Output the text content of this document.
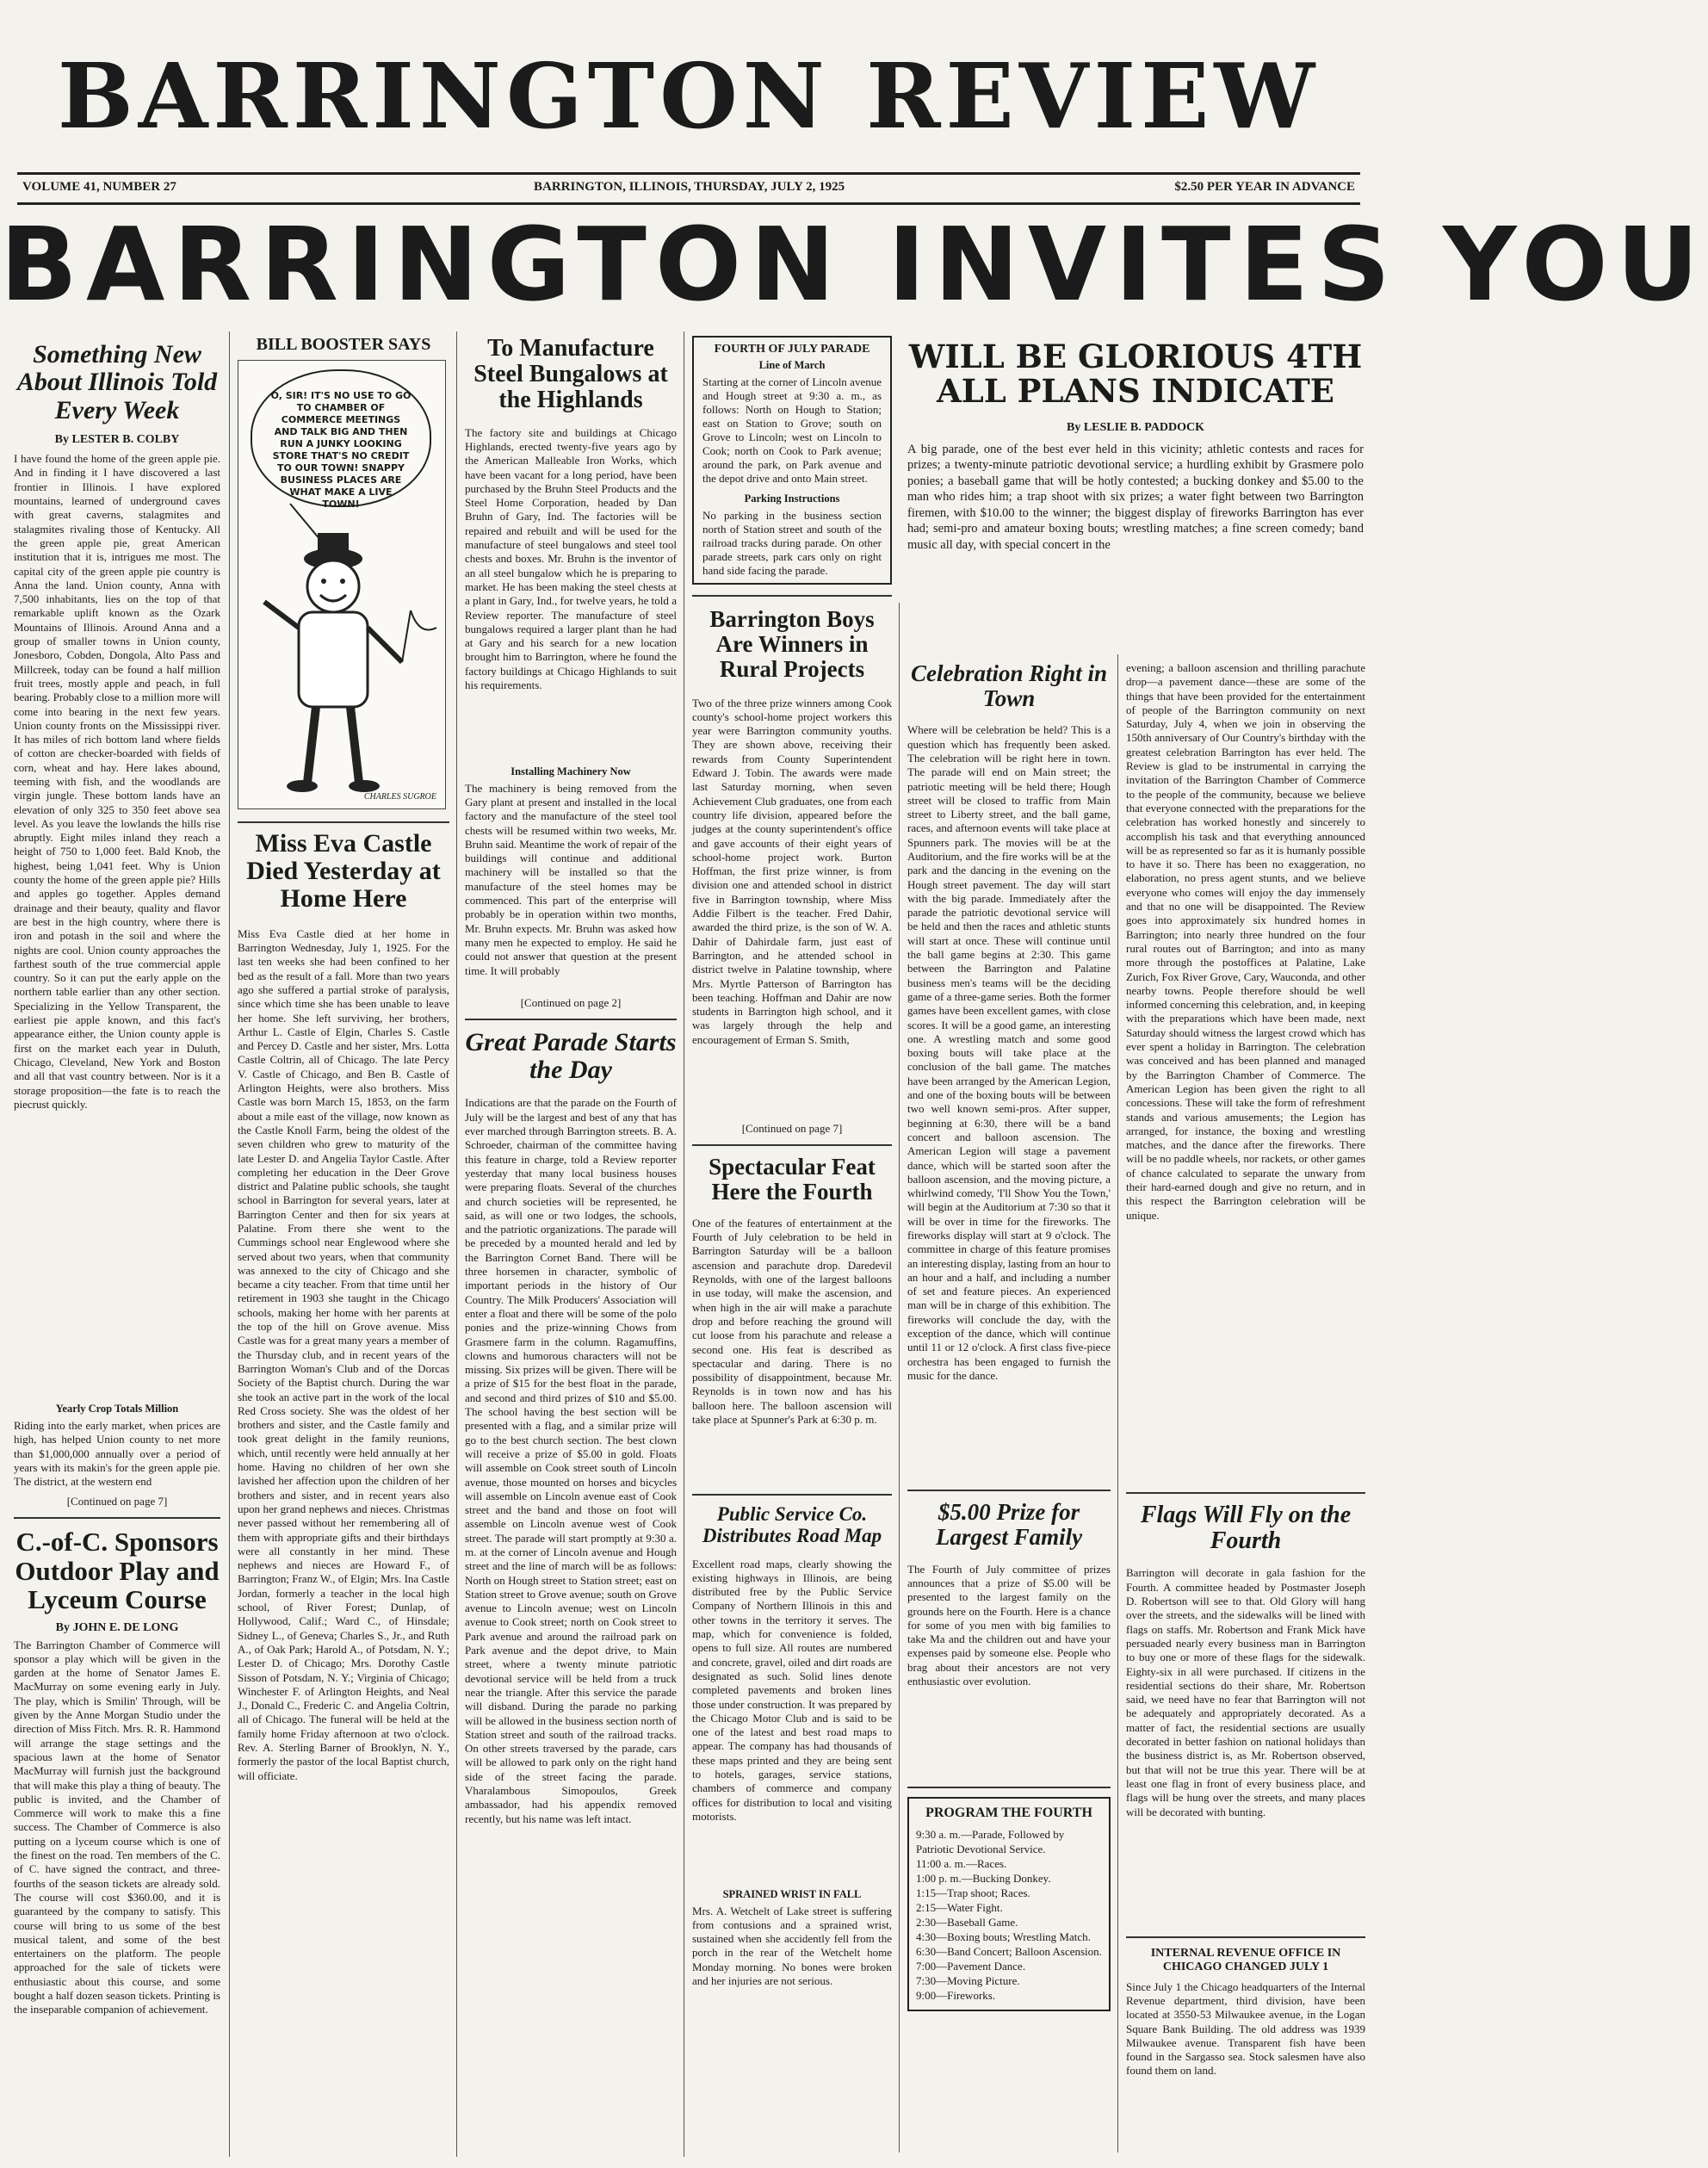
BARRINGTON REVIEW
VOLUME 41, NUMBER 27	BARRINGTON, ILLINOIS, THURSDAY, JULY 2, 1925	$2.50 PER YEAR IN ADVANCE
BARRINGTON INVITES YOU
Something New About Illinois Told Every Week
By LESTER B. COLBY
I have found the home of the green apple pie. And in finding it I have discovered a last frontier in Illinois. I have explored mountains, learned of underground caves with great caverns, stalagmites and stalagmites rivaling those of Kentucky. All the green apple pie, great American institution that it is, intrigues me most. The capital city of the green apple pie country is Anna the land. Union county, Anna with 7,500 inhabitants, lies on the top of that remarkable uplift known as the Ozark Mountains of Illinois. Around Anna and a group of smaller towns in Union county, Jonesboro, Cobden, Dongola, Alto Pass and Millcreek, today can be found a half million fruit trees, mostly apple and peach, in full bearing. Probably close to a million more will come into bearing in the next few years. Union county fronts on the Mississippi river. It has miles of rich bottom land where fields of cotton are checker-boarded with fields of corn, wheat and hay. Here lakes abound, teeming with fish, and the woodlands are virgin jungle. These bottom lands have an elevation of only 325 to 350 feet above sea level. As you leave the lowlands the hills rise abruptly. Eight miles inland they reach a height of 750 to 1,000 feet. Bald Knob, the highest, being 1,041 feet. Why is Union county the home of the green apple pie? Hills and apples go together. Apples demand drainage and their beauty, quality and flavor are best in the high country, where there is iron and potash in the soil and where the nights are cool. Union county approaches the farthest south of the true commercial apple country. So it can put the early apple on the northern table earlier than any other section. Specializing in the Yellow Transparent, the earliest pie apple known, and this fact's appearance either, the Union county apple is first on the market each year in Duluth, Chicago, Cleveland, New York and Boston and all that vast country between. Nor is it a storage proposition—the fate is to reach the piecrust quickly.
Yearly Crop Totals Million
Riding into the early market, when prices are high, has helped Union county to net more than $1,000,000 annually over a period of years with its makin's for the green apple pie. The district, at the western end
[Continued on page 7]
C.-of-C. Sponsors Outdoor Play and Lyceum Course
By JOHN E. DE LONG
The Barrington Chamber of Commerce will sponsor a play which will be given in the garden at the home of Senator James E. MacMurray on some evening early in July. The play, which is Smilin' Through, will be given by the Anne Morgan Studio under the direction of Miss Fitch. Mrs. R. R. Hammond will arrange the stage settings and the spacious lawn at the home of Senator MacMurray will furnish just the background that will make this play a thing of beauty. The public is invited, and the Chamber of Commerce will work to make this a fine success. The Chamber of Commerce is also putting on a lyceum course which is one of the finest on the road. Ten members of the C. of C. have signed the contract, and three-fourths of the season tickets are already sold. The course will cost $360.00, and it is guaranteed by the company to satisfy. This course will bring to us some of the best musical talent, and some of the best entertainers on the platform. The people approached for the sale of tickets were enthusiastic about this course, and some bought a half dozen season tickets. Printing is the inseparable companion of achievement.
BILL BOOSTER SAYS
O, SIR! IT'S NO USE TO GO TO CHAMBER OF COMMERCE MEETINGS AND TALK BIG AND THEN RUN A JUNKY LOOKING STORE THAT'S NO CREDIT TO OUR TOWN! SNAPPY BUSINESS PLACES ARE WHAT MAKE A LIVE TOWN!
CHARLES SUGROE
Miss Eva Castle Died Yesterday at Home Here
Miss Eva Castle died at her home in Barrington Wednesday, July 1, 1925. For the last ten weeks she had been confined to her bed as the result of a fall. More than two years ago she suffered a partial stroke of paralysis, since which time she has been unable to leave her home. She left surviving, her brothers, Arthur L. Castle of Elgin, Charles S. Castle and Percey D. Castle and her sister, Mrs. Lotta Castle Coltrin, all of Chicago. The late Percy V. Castle of Chicago, and Ben B. Castle of Arlington Heights, were also brothers. Miss Castle was born March 15, 1853, on the farm about a mile east of the village, now known as the Castle Knoll Farm, being the oldest of the seven children who grew to maturity of the late Lester D. and Angelia Taylor Castle. After completing her education in the Deer Grove district and Palatine public schools, she taught school in Barrington for several years, later at Barrington Center and then for six years at Palatine. From there she went to the Cummings school near Englewood where she served about two years, when that community was annexed to the city of Chicago and she became a city teacher. From that time until her retirement in 1903 she taught in the Chicago schools, making her home with her parents at the top of the hill on Grove avenue. Miss Castle was for a great many years a member of the Thursday club, and in recent years of the Barrington Woman's Club and of the Dorcas Society of the Baptist church. During the war she took an active part in the work of the local Red Cross society. She was the oldest of her brothers and sister, and the Castle family and took great delight in the family reunions, which, until recently were held annually at her home. Having no children of her own she lavished her affection upon the children of her brothers and sister, and in recent years also upon her grand nephews and nieces. Christmas never passed without her remembering all of them with appropriate gifts and their birthdays were all constantly in her mind. These nephews and nieces are Howard F., of Barrington; Franz W., of Elgin; Mrs. Ina Castle Jordan, formerly a teacher in the local high school, of River Forest; Dunlap, of Hollywood, Calif.; Ward C., of Hinsdale; Sidney L., of Geneva; Charles S., Jr., and Ruth A., of Oak Park; Harold A., of Potsdam, N. Y.; Lester D. of Chicago; Mrs. Dorothy Castle Sisson of Potsdam, N. Y.; Virginia of Chicago; Winchester F. of Arlington Heights, and Neal J., Donald C., Frederic C. and Angelia Coltrin, all of Chicago. The funeral will be held at the family home Friday afternoon at two o'clock. Rev. A. Sterling Barner of Brooklyn, N. Y., formerly the pastor of the local Baptist church, will officiate.
To Manufacture Steel Bungalows at the Highlands
The factory site and buildings at Chicago Highlands, erected twenty-five years ago by the American Malleable Iron Works, which have been vacant for a long period, have been purchased by the Bruhn Steel Products and the Steel Home Corporation, headed by Dan Bruhn of Gary, Ind. The factories will be repaired and rebuilt and will be used for the manufacture of steel bungalows and steel tool chests and boxes. Mr. Bruhn is the inventor of an all steel bungalow which he is preparing to market. He has been making the steel chests at a plant in Gary, Ind., for twelve years, he told a Review reporter. The manufacture of steel bungalows required a larger plant than he had at Gary and his search for a new location brought him to Barrington, where he found the factory buildings at Chicago Highlands to suit his requirements.
Installing Machinery Now
The machinery is being removed from the Gary plant at present and installed in the local factory and the manufacture of the steel tool chests will be resumed within two weeks, Mr. Bruhn said. Meantime the work of repair of the buildings will continue and additional machinery will be installed so that the manufacture of the steel homes may be commenced. This part of the enterprise will probably be in operation within two months, Mr. Bruhn expects. Mr. Bruhn was asked how many men he expected to employ. He said he could not answer that question at the present time. It will probably
[Continued on page 2]
Great Parade Starts the Day
Indications are that the parade on the Fourth of July will be the largest and best of any that has ever marched through Barrington streets. B. A. Schroeder, chairman of the committee having this feature in charge, told a Review reporter yesterday that many local business houses were preparing floats. Several of the churches and church societies will be represented, he said, as will one or two lodges, the schools, and the patriotic organizations. The parade will be preceded by a mounted herald and led by the Barrington Cornet Band. There will be three horsemen in character, symbolic of important periods in the history of Our Country. The Milk Producers' Association will enter a float and there will be some of the polo ponies and the prize-winning Chows from Grasmere farm in the column. Ragamuffins, clowns and humorous characters will not be missing. Six prizes will be given. There will be a prize of $15 for the best float in the parade, and second and third prizes of $10 and $5.00. The school having the best section will be presented with a flag, and a similar prize will go to the best church section. The best clown will receive a prize of $5.00 in gold. Floats will assemble on Cook street south of Lincoln avenue, those mounted on horses and bicycles will assemble on Lincoln avenue east of Cook street and the band and those on foot will assemble on Lincoln avenue west of Cook street. The parade will start promptly at 9:30 a. m. at the corner of Lincoln avenue and Hough street and the line of march will be as follows: North on Hough street to Station street; east on Station street to Grove avenue; south on Grove avenue to Lincoln avenue; west on Lincoln avenue to Cook street; north on Cook street to Park avenue and around the railroad park on Park avenue and the depot drive, to Main street, where a twenty minute patriotic devotional service will be held from a truck near the triangle. After this service the parade will disband. During the parade no parking will be allowed in the business section north of Station street and south of the railroad tracks. On other streets traversed by the parade, cars will be allowed to park only on the right hand side of the street facing the parade. Vharalambous Simopoulos, Greek ambassador, had his appendix removed recently, but his name was left intact.
FOURTH OF JULY PARADE
Line of March
Starting at the corner of Lincoln avenue and Hough street at 9:30 a. m., as follows: North on Hough to Station; east on Station to Grove; south on Grove to Lincoln; west on Lincoln to Cook; north on Cook to Park avenue; around the park, on Park avenue and the depot drive and onto Main street.
Parking Instructions
No parking in the business section north of Station street and south of the railroad tracks during parade. On other parade streets, park cars only on right hand side facing the parade.
Barrington Boys Are Winners in Rural Projects
Two of the three prize winners among Cook county's school-home project workers this year were Barrington community youths. They are shown above, receiving their rewards from County Superintendent Edward J. Tobin. The awards were made last Saturday morning, when seven Achievement Club graduates, one from each country life division, appeared before the judges at the county superintendent's office and gave accounts of their eight years of school-home project work. Burton Hoffman, the first prize winner, is from division one and attended school in district five in Barrington township, where Miss Addie Filbert is the teacher. Fred Dahir, awarded the third prize, is the son of W. A. Dahir of Dahirdale farm, just east of Barrington, and he attended school in district twelve in Palatine township, where Mrs. Myrtle Patterson of Barrington has been teaching. Hoffman and Dahir are now students in Barrington high school, and it was largely through the help and encouragement of Erman S. Smith,
[Continued on page 7]
Spectacular Feat Here the Fourth
One of the features of entertainment at the Fourth of July celebration to be held in Barrington Saturday will be a balloon ascension and parachute drop. Daredevil Reynolds, with one of the largest balloons in use today, will make the ascension, and when high in the air will make a parachute drop and before reaching the ground will cut loose from his parachute and release a second one. His feat is described as spectacular and daring. There is no possibility of disappointment, because Mr. Reynolds is in town now and has his balloon here. The balloon ascension will take place at Spunner's Park at 6:30 p. m.
Public Service Co. Distributes Road Map
Excellent road maps, clearly showing the existing highways in Illinois, are being distributed free by the Public Service Company of Northern Illinois in this and other towns in the territory it serves. The map, which for convenience is folded, opens to full size. All routes are numbered and concrete, gravel, oiled and dirt roads are designated as such. Solid lines denote completed pavements and broken lines those under construction. It was prepared by the Chicago Motor Club and is said to be one of the latest and best road maps to appear. The company has had thousands of these maps printed and they are being sent to hotels, garages, service stations, chambers of commerce and company offices for distribution to local and visiting motorists.
SPRAINED WRIST IN FALL
Mrs. A. Wetchelt of Lake street is suffering from contusions and a sprained wrist, sustained when she accidently fell from the porch in the rear of the Wetchelt home Monday morning. No bones were broken and her injuries are not serious.
WILL BE GLORIOUS 4TH ALL PLANS INDICATE
By LESLIE B. PADDOCK
A big parade, one of the best ever held in this vicinity; athletic contests and races for prizes; a twenty-minute patriotic devotional service; a hurdling exhibit by Grasmere polo ponies; a baseball game that will be hotly contested; a bucking donkey and $5.00 to the man who rides him; a trap shoot with six prizes; a water fight between two Barrington firemen, with $10.00 to the winner; the biggest display of fireworks Barrington has ever had; semi-pro and amateur boxing bouts; wrestling matches; a fine screen comedy; band music all day, with special concert in the
Celebration Right in Town
Where will be celebration be held? This is a question which has frequently been asked. The celebration will be right here in town. The parade will end on Main street; the patriotic meeting will be held there; Hough street will be closed to traffic from Main street to Liberty street, and the ball game, races, and afternoon events will take place at Spunners park. The movies will be at the Auditorium, and the fire works will be at the park and the dancing in the evening on the Hough street pavement. The day will start with the big parade. Immediately after the parade the patriotic devotional service will be held and then the races and athletic stunts will start at once. These will continue until the ball game begins at 2:30. This game between the Barrington and Palatine business men's teams will be the deciding game of a three-game series. Both the former games have been excellent games, with close scores. It will be a good game, an interesting one. A wrestling match and some good boxing bouts will take place at the conclusion of the ball game. The matches have been arranged by the American Legion, and one of the boxing bouts will be between two well known semi-pros. After supper, beginning at 6:30, there will be a band concert and balloon ascension. The American Legion will stage a pavement dance, which will be started soon after the balloon ascension, and the moving picture, a whirlwind comedy, 'I'll Show You the Town,' will begin at the Auditorium at 7:30 so that it will be over in time for the fireworks. The fireworks display will start at 9 o'clock. The committee in charge of this feature promises an interesting display, lasting from an hour to an hour and a half, and including a number of set and feature pieces. An experienced man will be in charge of this exhibition. The fireworks will conclude the day, with the exception of the dance, which will continue until 11 or 12 o'clock. A first class five-piece orchestra has been engaged to furnish the music for the dance.
$5.00 Prize for Largest Family
The Fourth of July committee of prizes announces that a prize of $5.00 will be presented to the largest family on the grounds here on the Fourth. Here is a chance for some of you men with big families to take Ma and the children out and have your expenses paid by someone else. People who brag about their ancestors are not very enthusiastic over evolution.
PROGRAM THE FOURTH
9:30 a. m.—Parade, Followed by Patriotic Devotional Service.
11:00 a. m.—Races.
1:00 p. m.—Bucking Donkey.
1:15—Trap shoot; Races.
2:15—Water Fight.
2:30—Baseball Game.
4:30—Boxing bouts; Wrestling Match.
6:30—Band Concert; Balloon Ascension.
7:00—Pavement Dance.
7:30—Moving Picture.
9:00—Fireworks.
evening; a balloon ascension and thrilling parachute drop—a pavement dance—these are some of the things that have been provided for the entertainment of people of the Barrington community on next Saturday, July 4, when we join in observing the 150th anniversary of Our Country's birthday with the greatest celebration Barrington has ever held. The Review is glad to be instrumental in carrying the invitation of the Barrington Chamber of Commerce to the people of the community, because we believe that everyone connected with the preparations for the celebration has worked honestly and sincerely to accomplish his task and that everything announced will be as represented so far as it is humanly possible to have it so. There has been no exaggeration, no elaboration, no press agent stunts, and we believe everyone who comes will enjoy the day immensely and that no one will be disappointed. The Review goes into approximately six hundred homes in Barrington; into nearly three hundred on the four rural routes out of Barrington; and into as many more through the postoffices at Palatine, Lake Zurich, Fox River Grove, Cary, Wauconda, and other nearby towns. People therefore should be well informed concerning this celebration, and, in keeping with the preparations which have been made, next Saturday should witness the largest crowd which has ever spent a holiday in Barrington. The celebration was conceived and has been planned and managed by the Barrington Chamber of Commerce. The American Legion has been given the right to all concessions. These will take the form of refreshment stands and various amusements; the Legion has arranged, for instance, the boxing and wrestling matches, and the dance after the fireworks. There will be no paddle wheels, nor rackets, or other games of chance calculated to separate the unwary from their hard-earned dough and give no return, and in this respect the Barrington celebration will be unique.
Flags Will Fly on the Fourth
Barrington will decorate in gala fashion for the Fourth. A committee headed by Postmaster Joseph D. Robertson will see to that. Old Glory will hang over the streets, and the sidewalks will be lined with flags on staffs. Mr. Robertson and Frank Mick have persuaded nearly every business man in Barrington to buy one or more of these flags for the sidewalk. Eighty-six in all were purchased. If citizens in the residential sections do their share, Mr. Robertson said, we need have no fear that Barrington will not be adequately and appropriately decorated. As a matter of fact, the residential sections are usually decorated in better fashion on national holidays than the business district is, as Mr. Robertson observed, but that will not be true this year. There will be at least one flag in front of every business place, and flags will be hung over the streets, and many places will be decorated with bunting.
INTERNAL REVENUE OFFICE IN CHICAGO CHANGED JULY 1
Since July 1 the Chicago headquarters of the Internal Revenue department, third division, have been located at 3550-53 Milwaukee avenue, in the Logan Square Bank Building. The old address was 1939 Milwaukee avenue. Transparent fish have been found in the Sargasso sea. Stock salesmen have also found them on land.
